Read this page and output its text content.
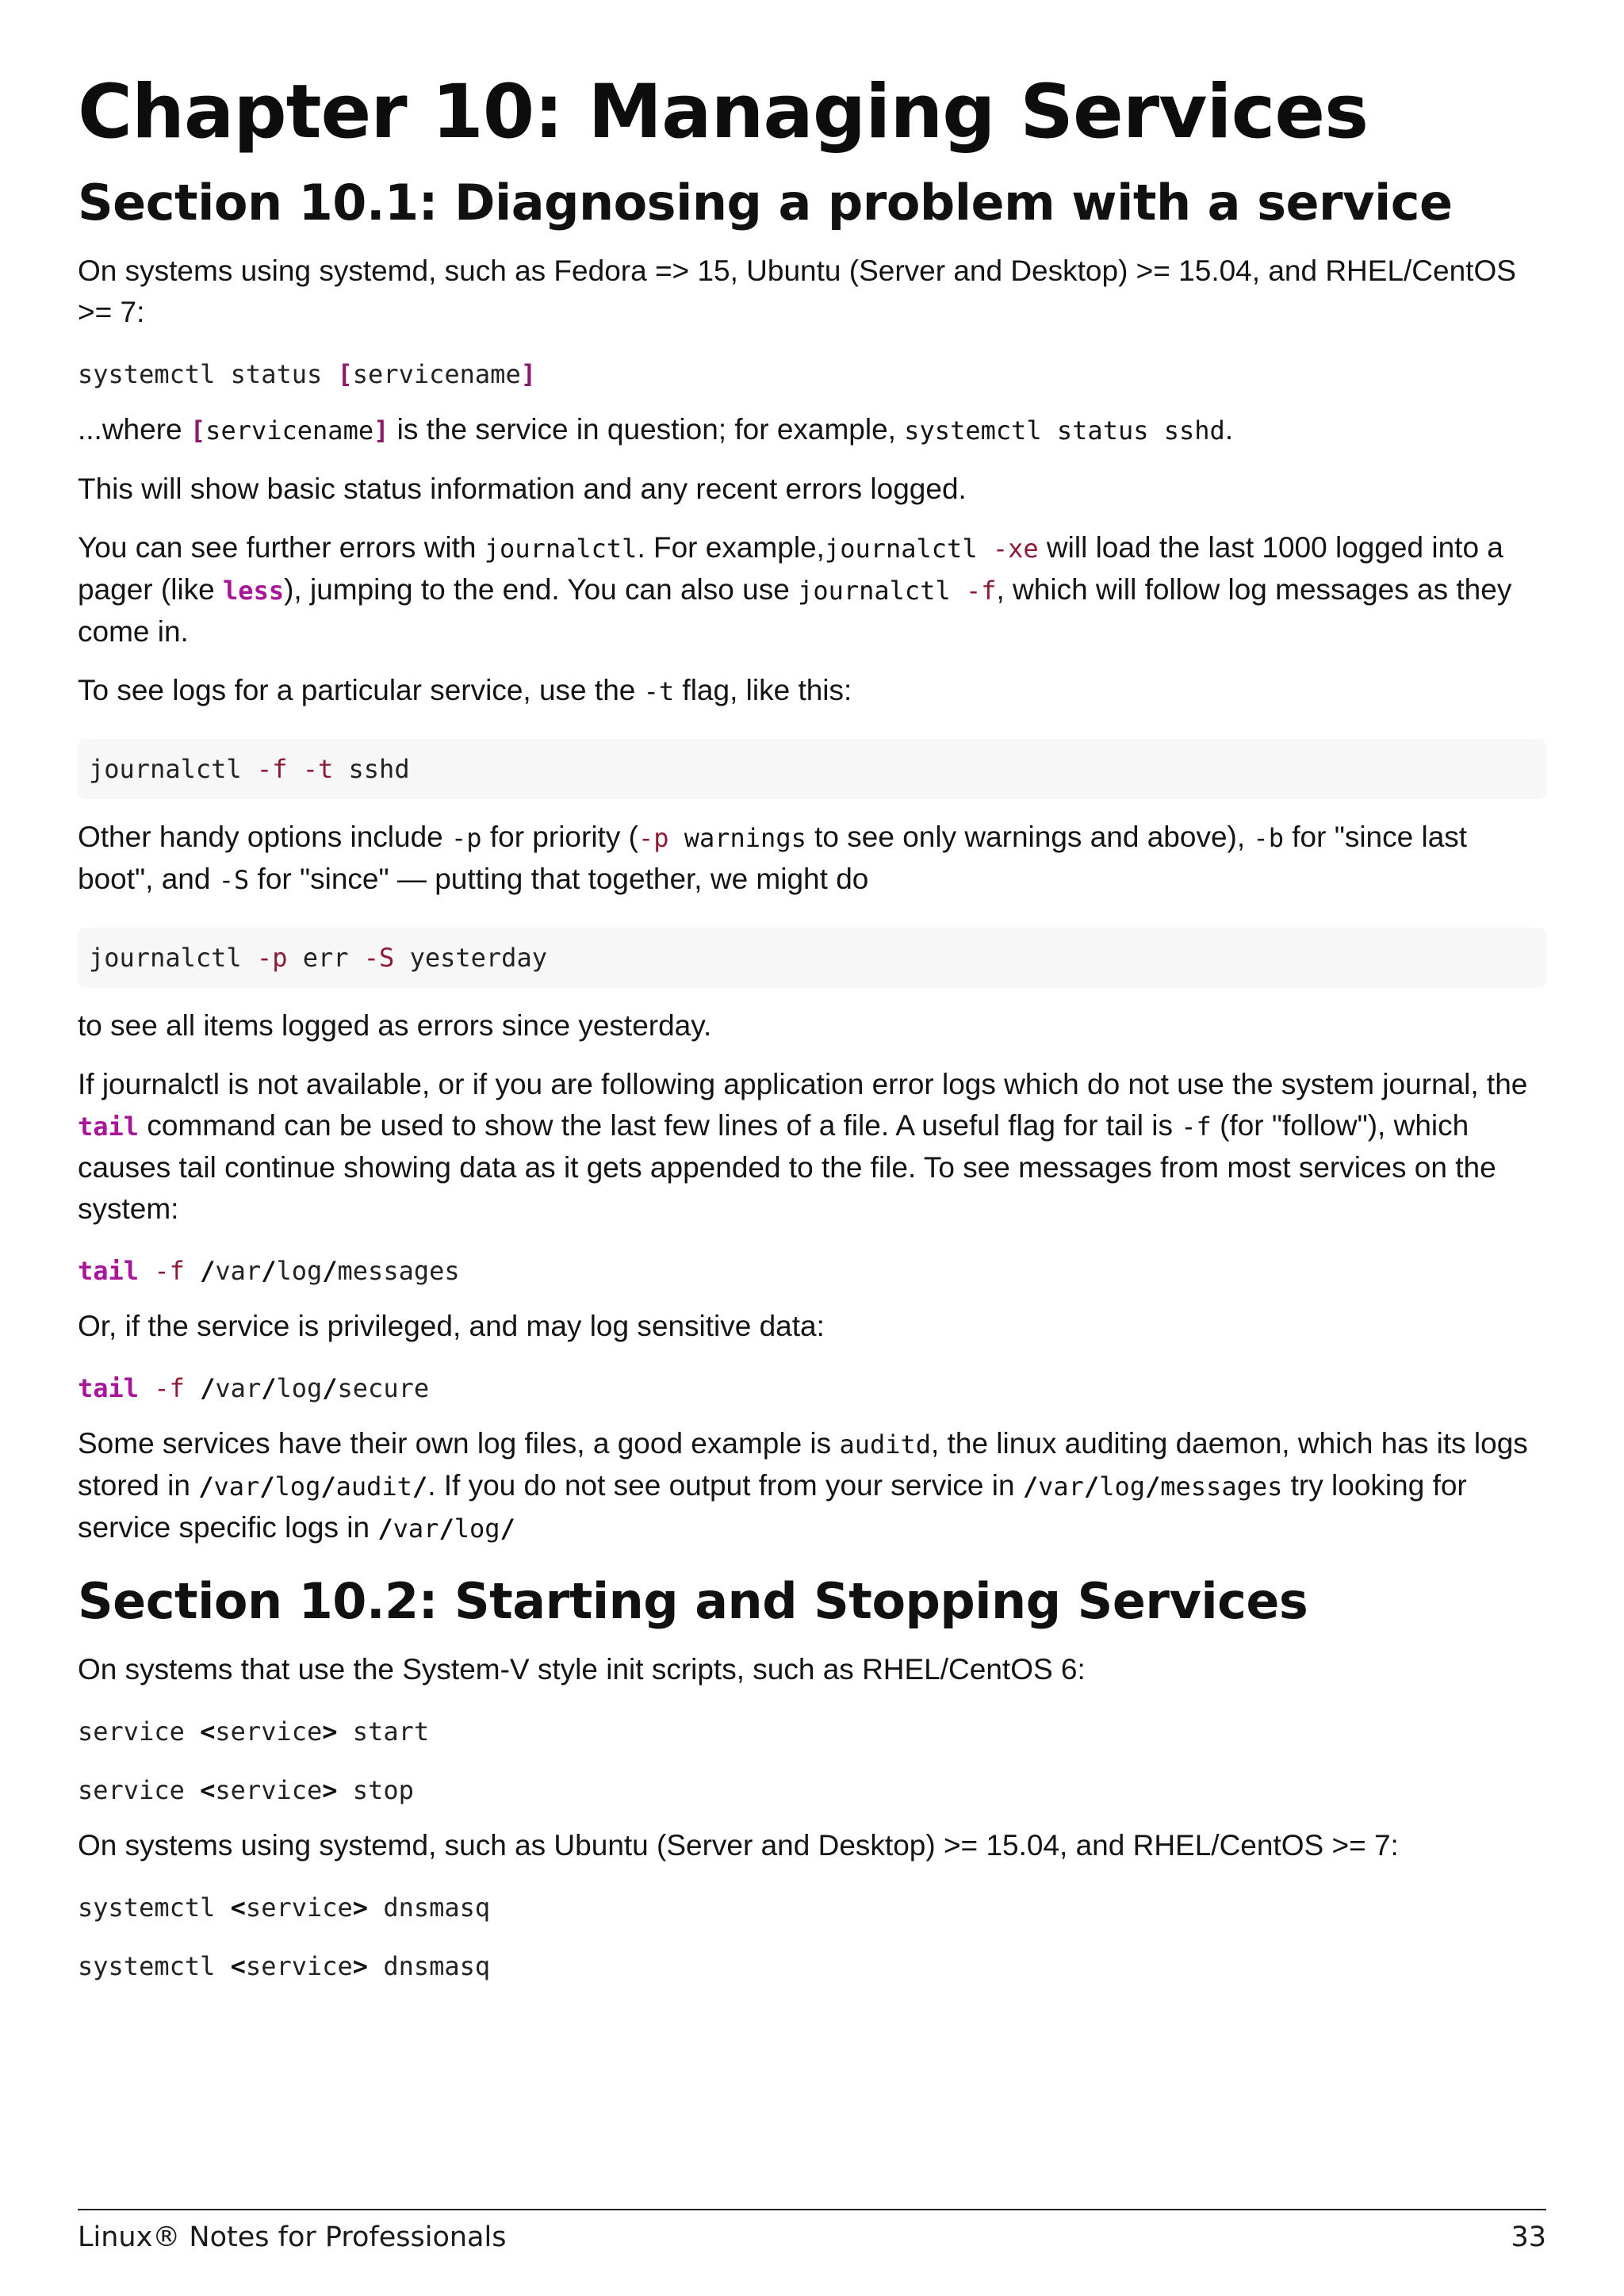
Chapter 10: Managing Services
Section 10.1: Diagnosing a problem with a service

On systems using systemd, such as Fedora => 15, Ubuntu (Server and Desktop) >= 15.04, and RHEL/CentOS >= 7:

systemctl status [servicename]

...where [servicename] is the service in question; for example, systemctl status sshd.

This will show basic status information and any recent errors logged.

You can see further errors with journalctl. For example,journalctl -xe will load the last 1000 logged into a pager (like less), jumping to the end. You can also use journalctl -f, which will follow log messages as they come in.

To see logs for a particular service, use the -t flag, like this:

journalctl -f -t sshd

Other handy options include -p for priority (-p warnings to see only warnings and above), -b for "since last boot", and -S for "since" — putting that together, we might do

journalctl -p err -S yesterday

to see all items logged as errors since yesterday.

If journalctl is not available, or if you are following application error logs which do not use the system journal, the tail command can be used to show the last few lines of a file. A useful flag for tail is -f (for "follow"), which causes tail continue showing data as it gets appended to the file. To see messages from most services on the system:

tail -f /var/log/messages

Or, if the service is privileged, and may log sensitive data:

tail -f /var/log/secure

Some services have their own log files, a good example is auditd, the linux auditing daemon, which has its logs stored in /var/log/audit/. If you do not see output from your service in /var/log/messages try looking for service specific logs in /var/log/

Section 10.2: Starting and Stopping Services

On systems that use the System-V style init scripts, such as RHEL/CentOS 6:

service <service> start
service <service> stop

On systems using systemd, such as Ubuntu (Server and Desktop) >= 15.04, and RHEL/CentOS >= 7:

systemctl <service> dnsmasq
systemctl <service> dnsmasq
Linux® Notes for Professionals	33
